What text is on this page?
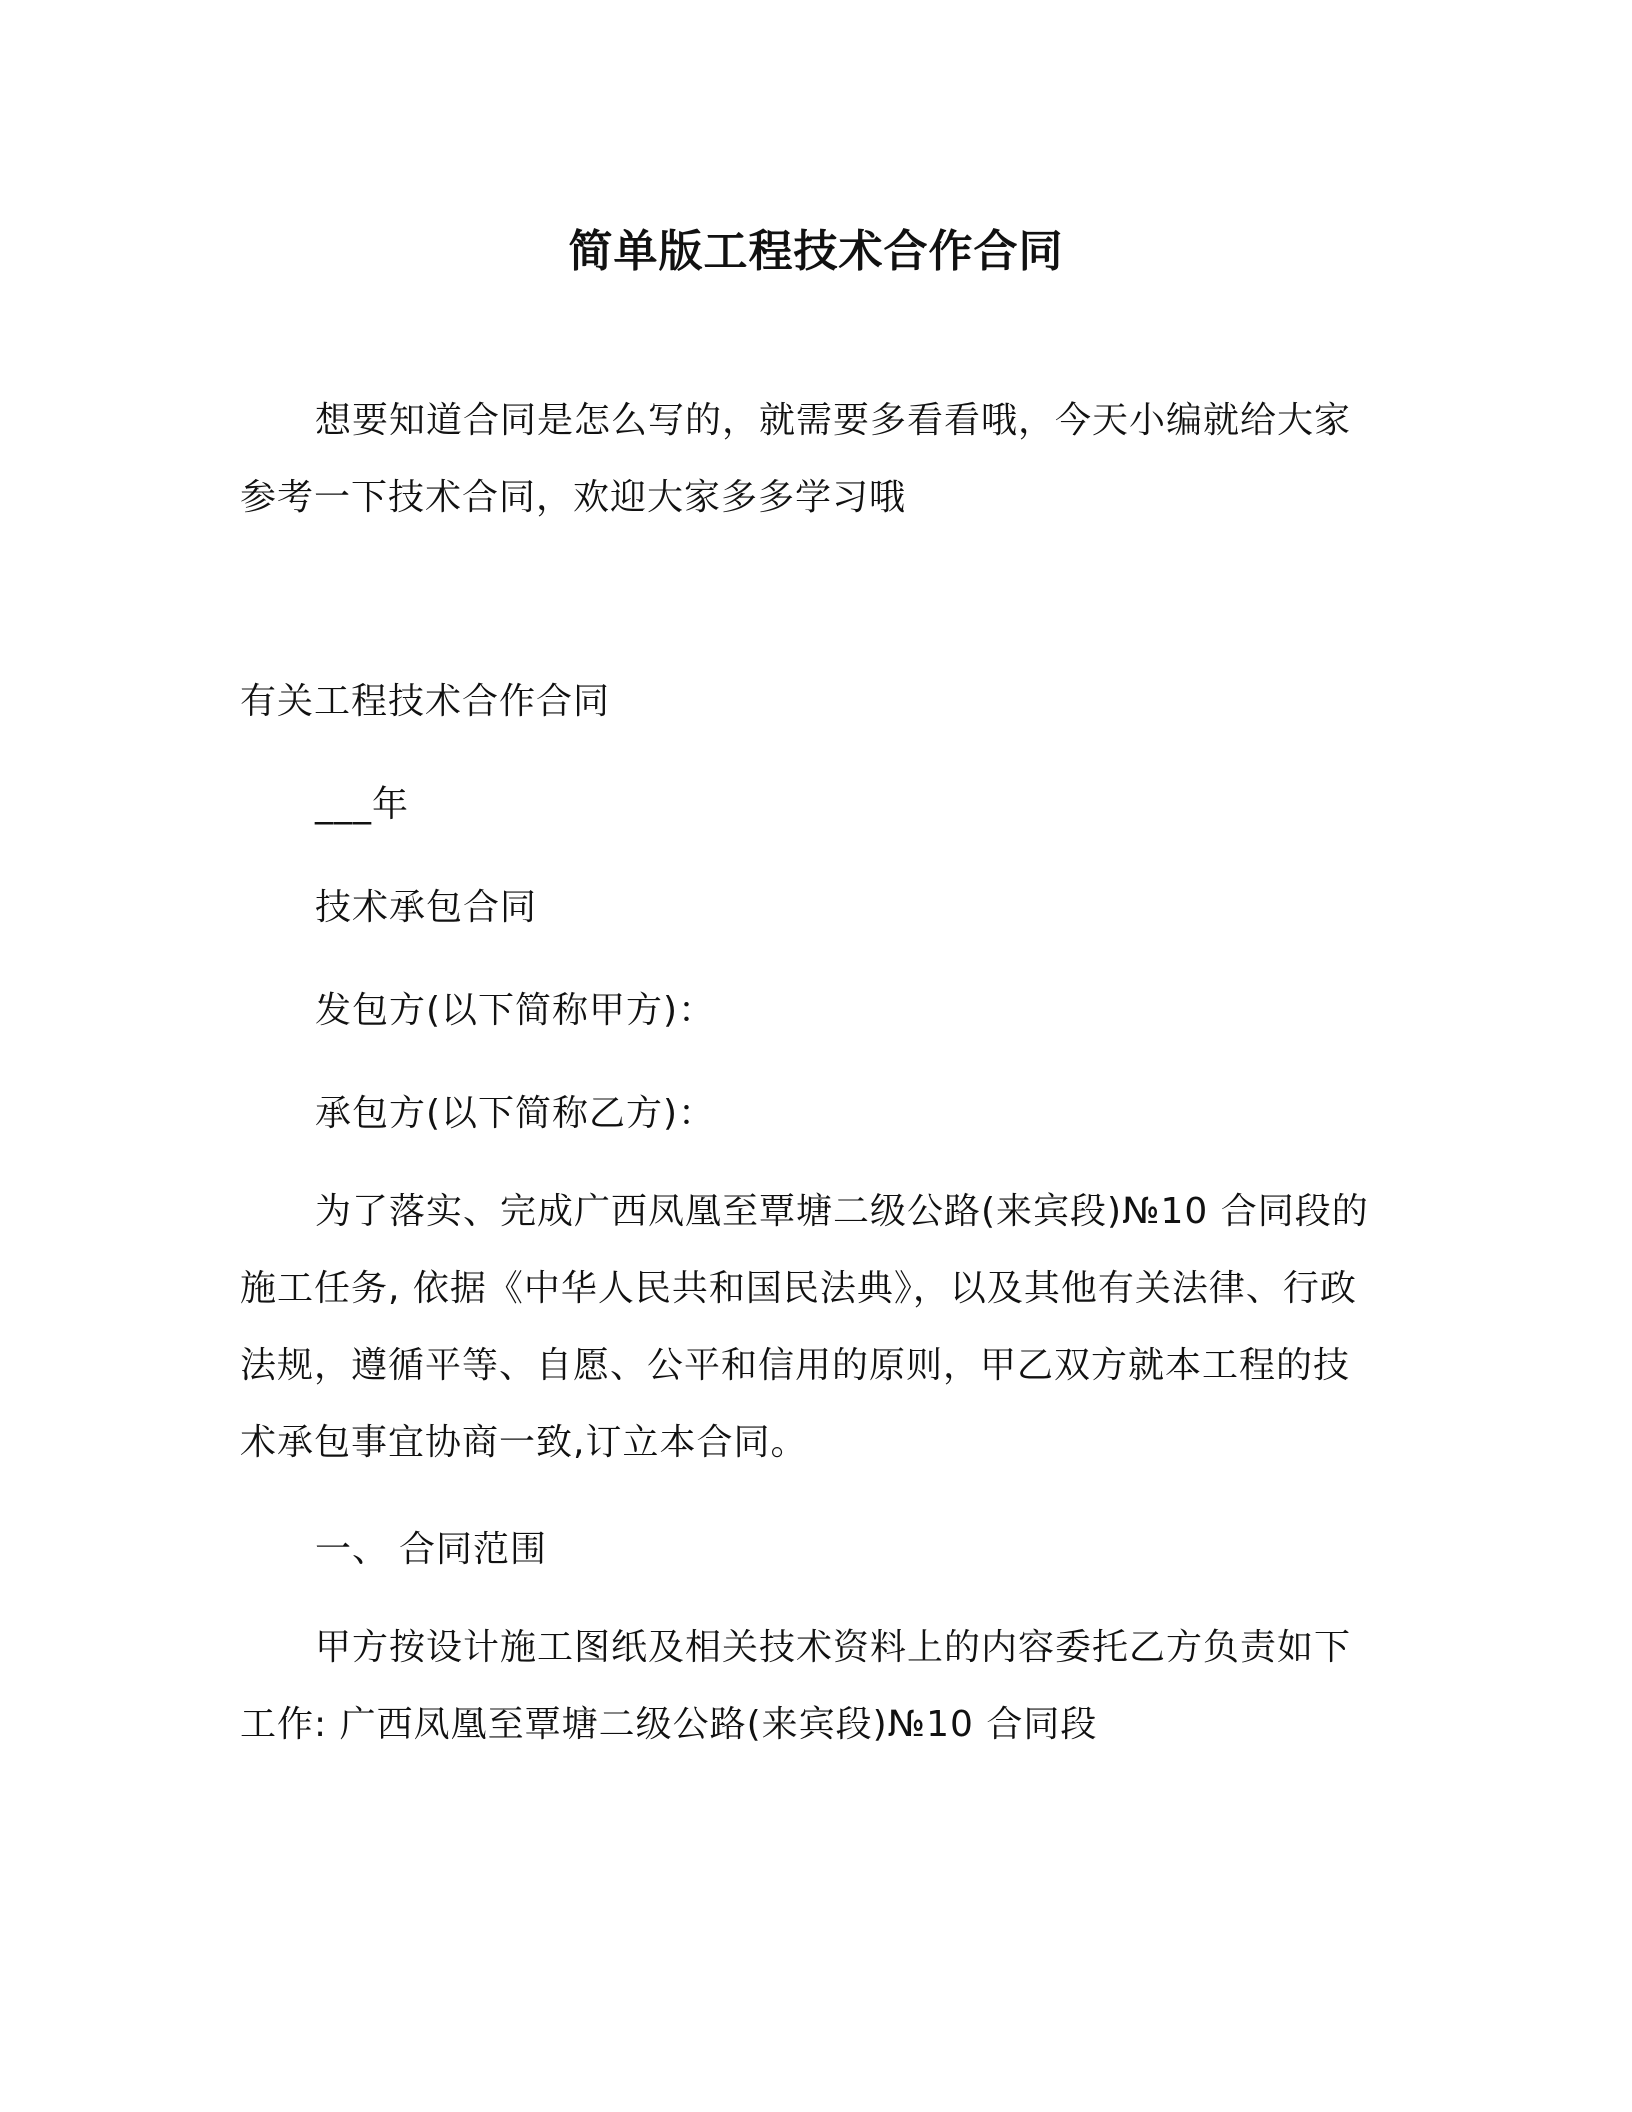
简单版工程技术合作合同

想要知道合同是怎么写的，就需要多看看哦，今天小编就给大家参考一下技术合同，欢迎大家多多学习哦

有关工程技术合作合同
___年
技术承包合同
发包方(以下简称甲方)：
承包方(以下简称乙方)：

为了落实、完成广西凤凰至覃塘二级公路(来宾段)№10 合同段的施工任务, 依据《中华人民共和国民法典》，以及其他有关法律、行政法规，遵循平等、自愿、公平和信用的原则，甲乙双方就本工程的技术承包事宜协商一致,订立本合同。

一、 合同范围

甲方按设计施工图纸及相关技术资料上的内容委托乙方负责如下工作: 广西凤凰至覃塘二级公路(来宾段)№10 合同段
